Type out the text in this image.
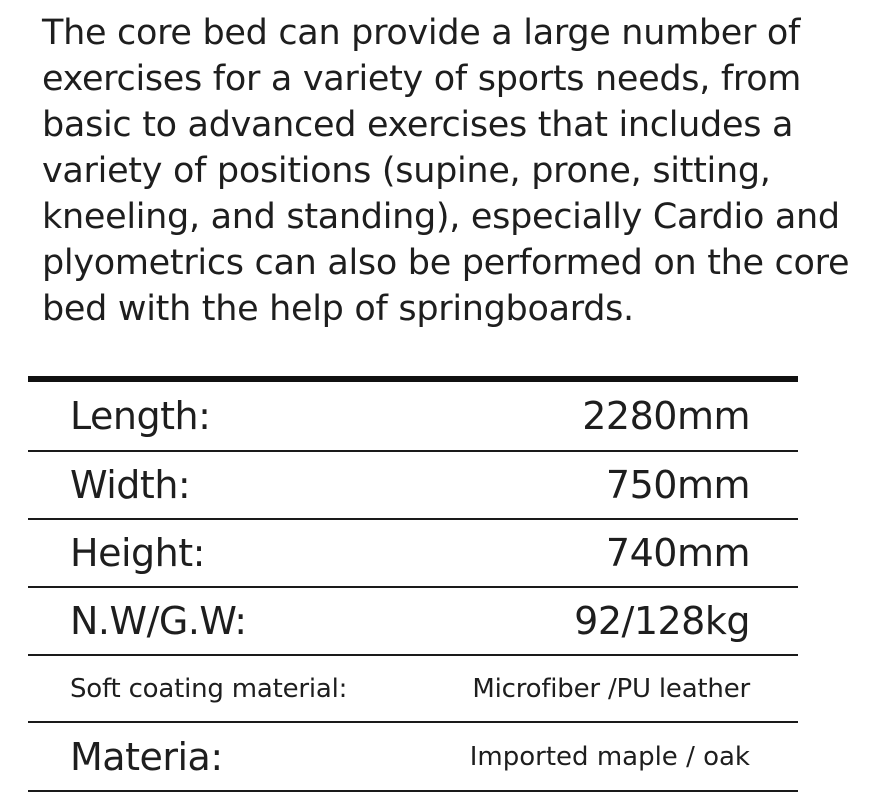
The core bed can provide a large number of exercises for a variety of sports needs, from basic to advanced exercises that includes a variety of positions (supine, prone, sitting, kneeling, and standing), especially Cardio and plyometrics can also be performed on the core bed with the help of springboards.

Length:	2280mm
Width:	750mm
Height:	740mm
N.W/G.W:	92/128kg
Soft coating material:	Microfiber /PU leather
Materia:	Imported maple / oak
